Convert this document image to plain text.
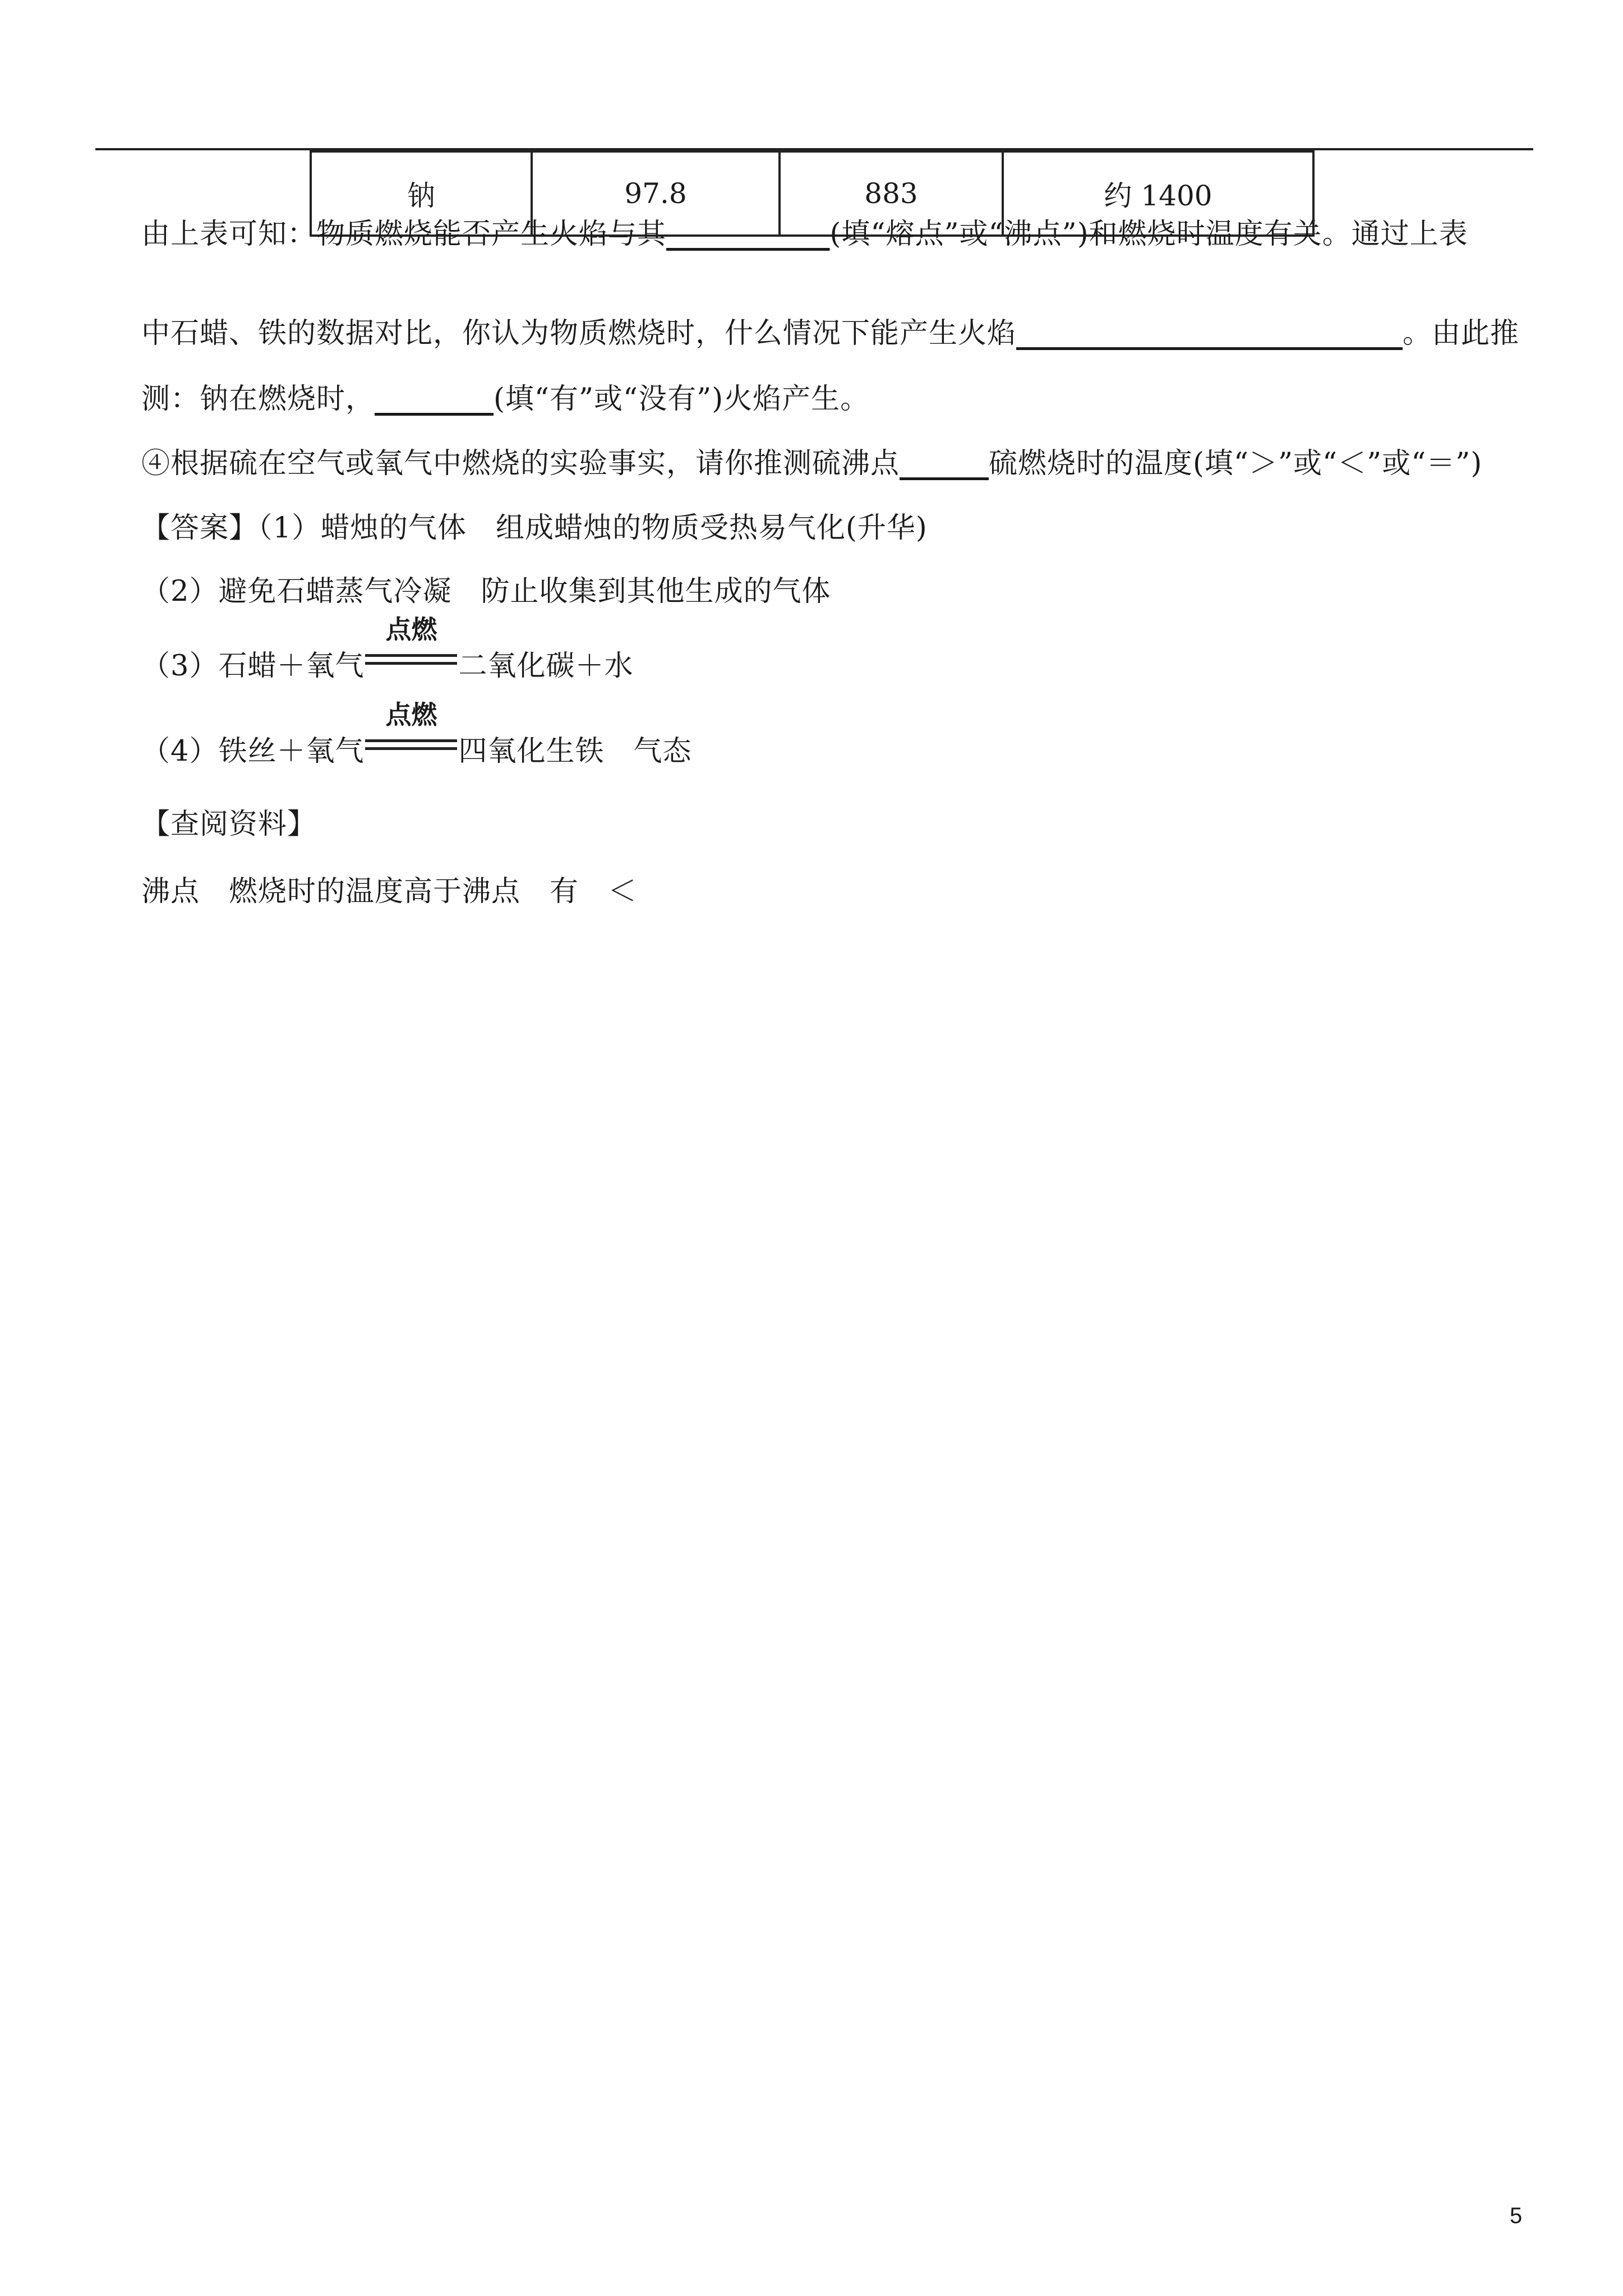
钠	97.8	883	约 1400
由上表可知：物质燃烧能否产生火焰与其___________(填“熔点”或“沸点”)和燃烧时温度有关。通过上表
中石蜡、铁的数据对比，你认为物质燃烧时，什么情况下能产生火焰__________________________。由此推
测：钠在燃烧时，________(填“有”或“没有”)火焰产生。
④根据硫在空气或氧气中燃烧的实验事实，请你推测硫沸点______硫燃烧时的温度(填“＞”或“＜”或“＝”)
【答案】（1）蜡烛的气体　组成蜡烛的物质受热易气化(升华)
（2）避免石蜡蒸气冷凝　防止收集到其他生成的气体
（3）石蜡＋氧气
点燃
二氧化碳＋水
（4）铁丝＋氧气
点燃
四氧化生铁　气态
【查阅资料】
沸点　燃烧时的温度高于沸点　有　＜
5
